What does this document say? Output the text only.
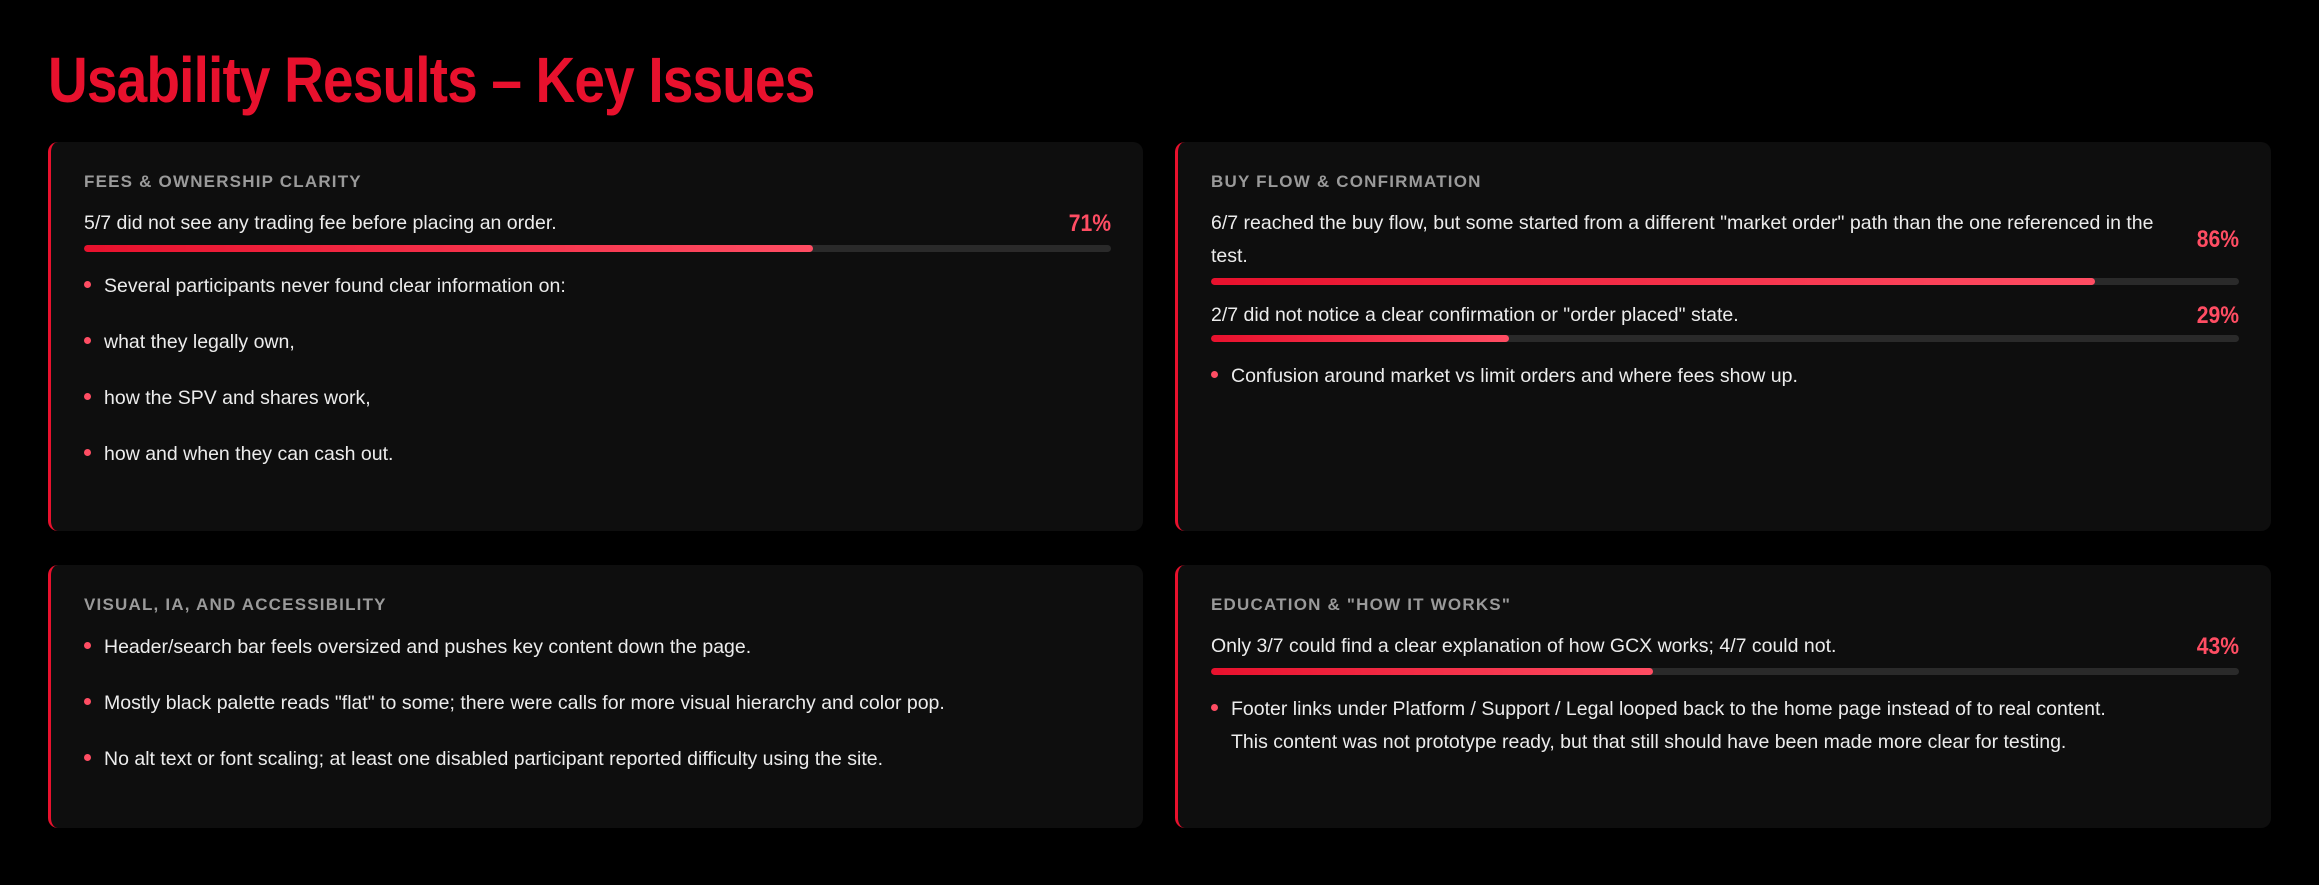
Usability Results – Key Issues
FEES & OWNERSHIP CLARITY
5/7 did not see any trading fee before placing an order.	71%
Several participants never found clear information on:
what they legally own,
how the SPV and shares work,
how and when they can cash out.
BUY FLOW & CONFIRMATION
6/7 reached the buy flow, but some started from a different "market order" path than the one referenced in the test.
86%
2/7 did not notice a clear confirmation or "order placed" state.	29%
Confusion around market vs limit orders and where fees show up.
VISUAL, IA, AND ACCESSIBILITY
Header/search bar feels oversized and pushes key content down the page.
Mostly black palette reads "flat" to some; there were calls for more visual hierarchy and color pop.
No alt text or font scaling; at least one disabled participant reported difficulty using the site.
EDUCATION & "HOW IT WORKS"
Only 3/7 could find a clear explanation of how GCX works; 4/7 could not.	43%
Footer links under Platform / Support / Legal looped back to the home page instead of to real content.
This content was not prototype ready, but that still should have been made more clear for testing.
